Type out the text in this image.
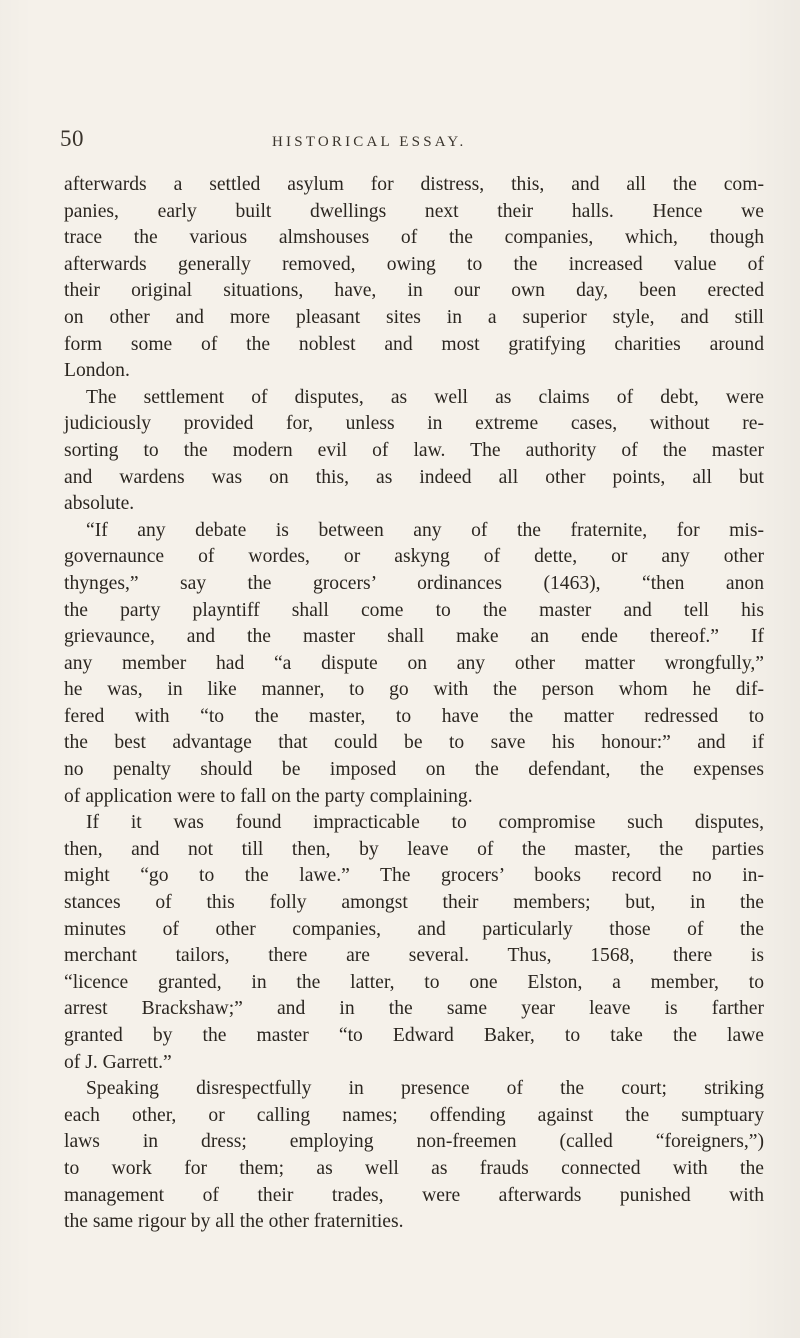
50	HISTORICAL ESSAY.

afterwards a settled asylum for distress, this, and all the com-
panies, early built dwellings next their halls. Hence we
trace the various almshouses of the companies, which, though
afterwards generally removed, owing to the increased value of
their original situations, have, in our own day, been erected
on other and more pleasant sites in a superior style, and still
form some of the noblest and most gratifying charities around
London.

The settlement of disputes, as well as claims of debt, were
judiciously provided for, unless in extreme cases, without re-
sorting to the modern evil of law. The authority of the master
and wardens was on this, as indeed all other points, all but
absolute.

“If any debate is between any of the fraternite, for mis-
governaunce of wordes, or askyng of dette, or any other
thynges,” say the grocers’ ordinances (1463), “then anon
the party playntiff shall come to the master and tell his
grievaunce, and the master shall make an ende thereof.” If
any member had “a dispute on any other matter wrongfully,”
he was, in like manner, to go with the person whom he dif-
fered with “to the master, to have the matter redressed to
the best advantage that could be to save his honour:” and if
no penalty should be imposed on the defendant, the expenses
of application were to fall on the party complaining.

If it was found impracticable to compromise such disputes,
then, and not till then, by leave of the master, the parties
might “go to the lawe.” The grocers’ books record no in-
stances of this folly amongst their members; but, in the
minutes of other companies, and particularly those of the
merchant tailors, there are several. Thus, 1568, there is
“licence granted, in the latter, to one Elston, a member, to
arrest Brackshaw;” and in the same year leave is farther
granted by the master “to Edward Baker, to take the lawe
of J. Garrett.”

Speaking disrespectfully in presence of the court; striking
each other, or calling names; offending against the sumptuary
laws in dress; employing non-freemen (called “foreigners,”)
to work for them; as well as frauds connected with the
management of their trades, were afterwards punished with
the same rigour by all the other fraternities.
